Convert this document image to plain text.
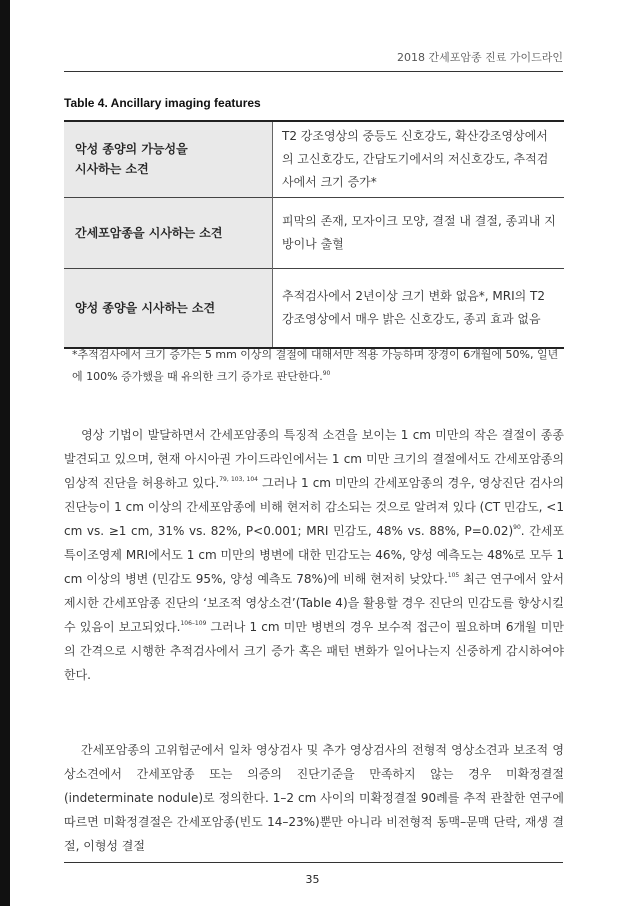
2018 간세포암종 진료 가이드라인
Table 4. Ancillary imaging features
악성 종양의 가능성을
시사하는 소견	T2 강조영상의 중등도 신호강도, 확산강조영상에서의 고신호강도, 간담도기에서의 저신호강도, 추적검사에서 크기 증가*
간세포암종을 시사하는 소견	피막의 존재, 모자이크 모양, 결절 내 결절, 종괴내 지방이나 출혈
양성 종양을 시사하는 소견	추적검사에서 2년이상 크기 변화 없음*, MRI의 T2 강조영상에서 매우 밝은 신호강도, 종괴 효과 없음
*추적검사에서 크기 증가는 5 mm 이상의 결절에 대해서만 적용 가능하며 장경이 6개월에 50%, 일년에 100% 증가했을 때 유의한 크기 증가로 판단한다.$^{90}$

영상 기법이 발달하면서 간세포암종의 특징적 소견을 보이는 1 cm 미만의 작은 결절이 종종 발견되고 있으며, 현재 아시아권 가이드라인에서는 1 cm 미만 크기의 결절에서도 간세포암종의 임상적 진단을 허용하고 있다.$^{79, 103, 104}$ 그러나 1 cm 미만의 간세포암종의 경우, 영상진단 검사의 진단능이 1 cm 이상의 간세포암종에 비해 현저히 감소되는 것으로 알려져 있다 (CT 민감도, <1 cm vs. ≥1 cm, 31% vs. 82%, P<0.001; MRI 민감도, 48% vs. 88%, P=0.02)$^{90}$. 간세포특이조영제 MRI에서도 1 cm 미만의 병변에 대한 민감도는 46%, 양성 예측도는 48%로 모두 1 cm 이상의 병변 (민감도 95%, 양성 예측도 78%)에 비해 현저히 낮았다.$^{105}$ 최근 연구에서 앞서 제시한 간세포암종 진단의 ‘보조적 영상소견’(Table 4)을 활용할 경우 진단의 민감도를 향상시킬 수 있음이 보고되었다.$^{106-109}$ 그러나 1 cm 미만 병변의 경우 보수적 접근이 필요하며 6개월 미만의 간격으로 시행한 추적검사에서 크기 증가 혹은 패턴 변화가 일어나는지 신중하게 감시하여야 한다.

간세포암종의 고위험군에서 일차 영상검사 및 추가 영상검사의 전형적 영상소견과 보조적 영상소견에서 간세포암종 또는 의증의 진단기준을 만족하지 않는 경우 미확정결절(indeterminate nodule)로 정의한다. 1–2 cm 사이의 미확정결절 90례를 추적 관찰한 연구에 따르면 미확정결절은 간세포암종(빈도 14–23%)뿐만 아니라 비전형적 동맥–문맥 단락, 재생 결절, 이형성 결절

35
